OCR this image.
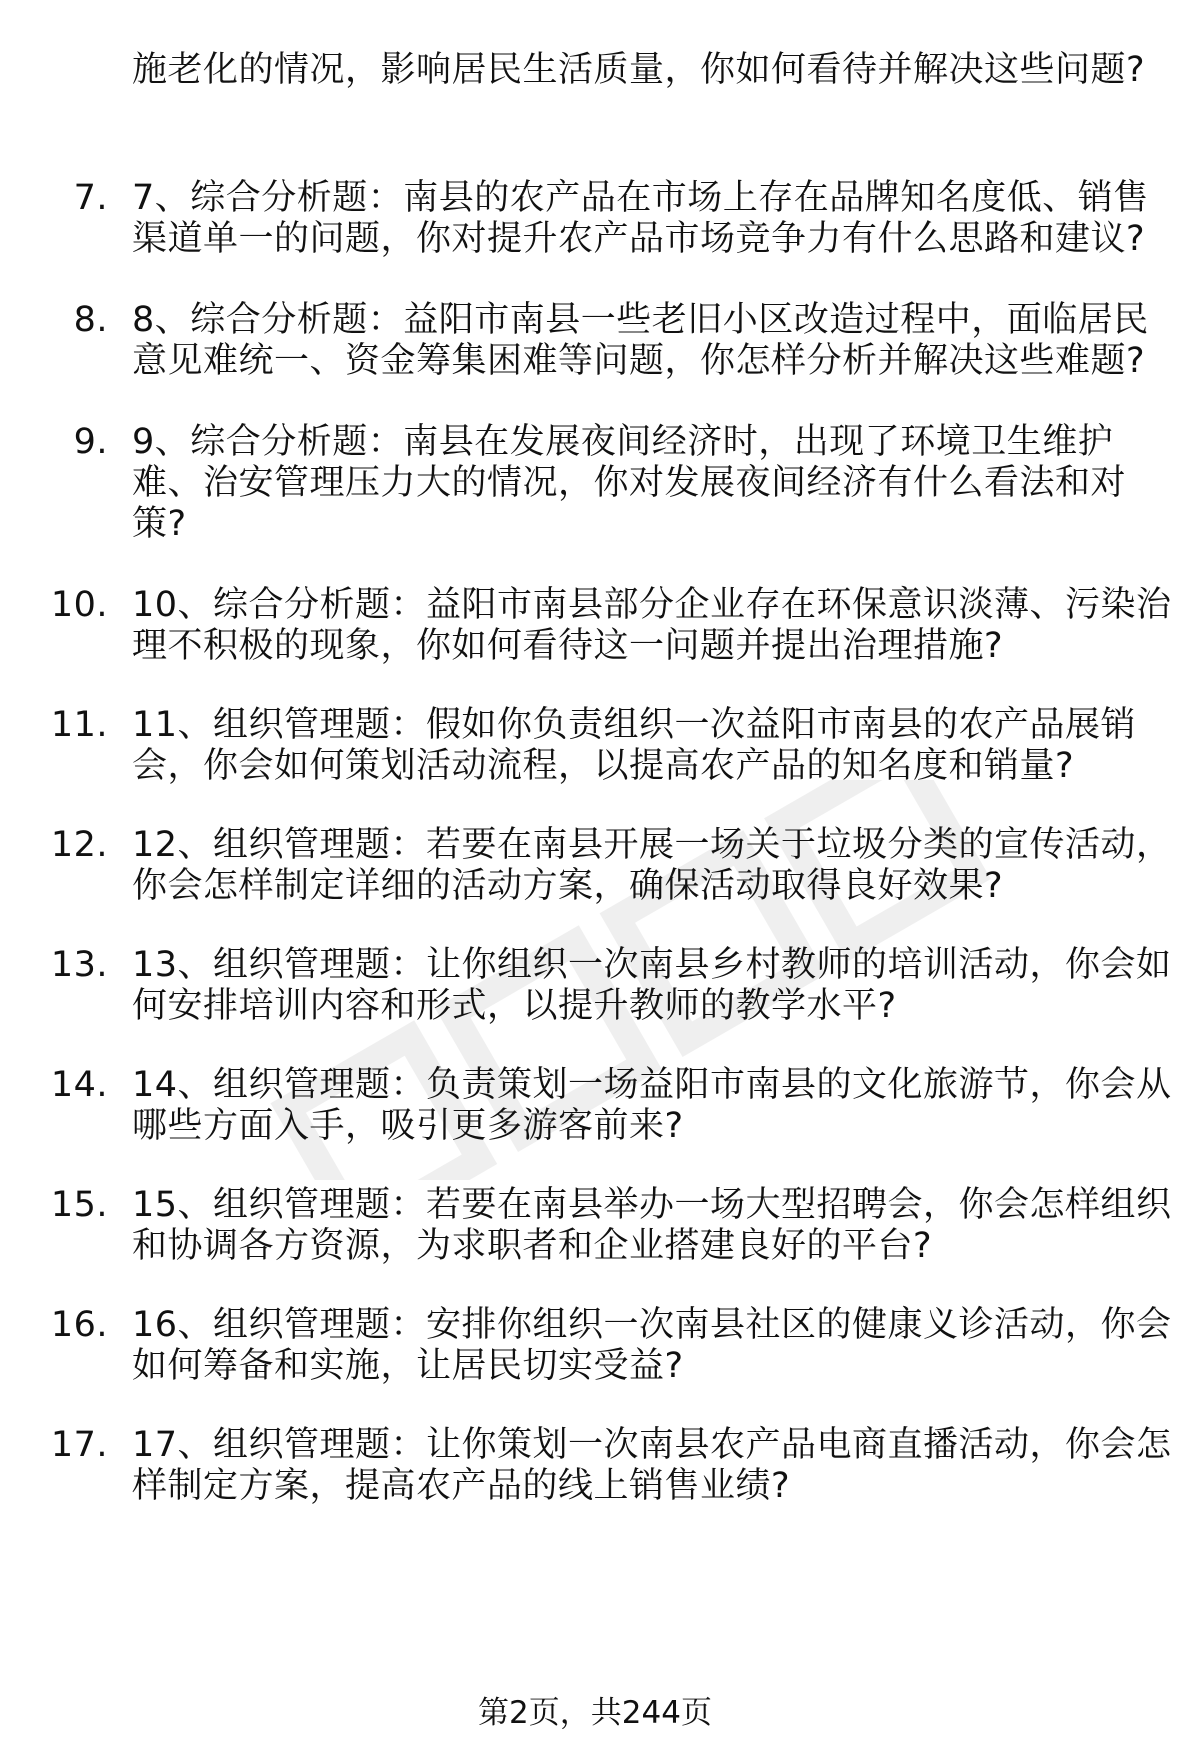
施老化的情况，影响居民生活质量，你如何看待并解决这些问题?
7. 7、综合分析题：南县的农产品在市场上存在品牌知名度低、销售渠道单一的问题，你对提升农产品市场竞争力有什么思路和建议?
8. 8、综合分析题：益阳市南县一些老旧小区改造过程中，面临居民意见难统一、资金筹集困难等问题，你怎样分析并解决这些难题?
9. 9、综合分析题：南县在发展夜间经济时，出现了环境卫生维护难、治安管理压力大的情况，你对发展夜间经济有什么看法和对策?
10. 10、综合分析题：益阳市南县部分企业存在环保意识淡薄、污染治理不积极的现象，你如何看待这一问题并提出治理措施?
11. 11、组织管理题：假如你负责组织一次益阳市南县的农产品展销会，你会如何策划活动流程，以提高农产品的知名度和销量?
12. 12、组织管理题：若要在南县开展一场关于垃圾分类的宣传活动，你会怎样制定详细的活动方案，确保活动取得良好效果?
13. 13、组织管理题：让你组织一次南县乡村教师的培训活动，你会如何安排培训内容和形式，以提升教师的教学水平?
14. 14、组织管理题：负责策划一场益阳市南县的文化旅游节，你会从哪些方面入手，吸引更多游客前来?
15. 15、组织管理题：若要在南县举办一场大型招聘会，你会怎样组织和协调各方资源，为求职者和企业搭建良好的平台?
16. 16、组织管理题：安排你组织一次南县社区的健康义诊活动，你会如何筹备和实施，让居民切实受益?
17. 17、组织管理题：让你策划一次南县农产品电商直播活动，你会怎样制定方案，提高农产品的线上销售业绩?
第2页，共244页
